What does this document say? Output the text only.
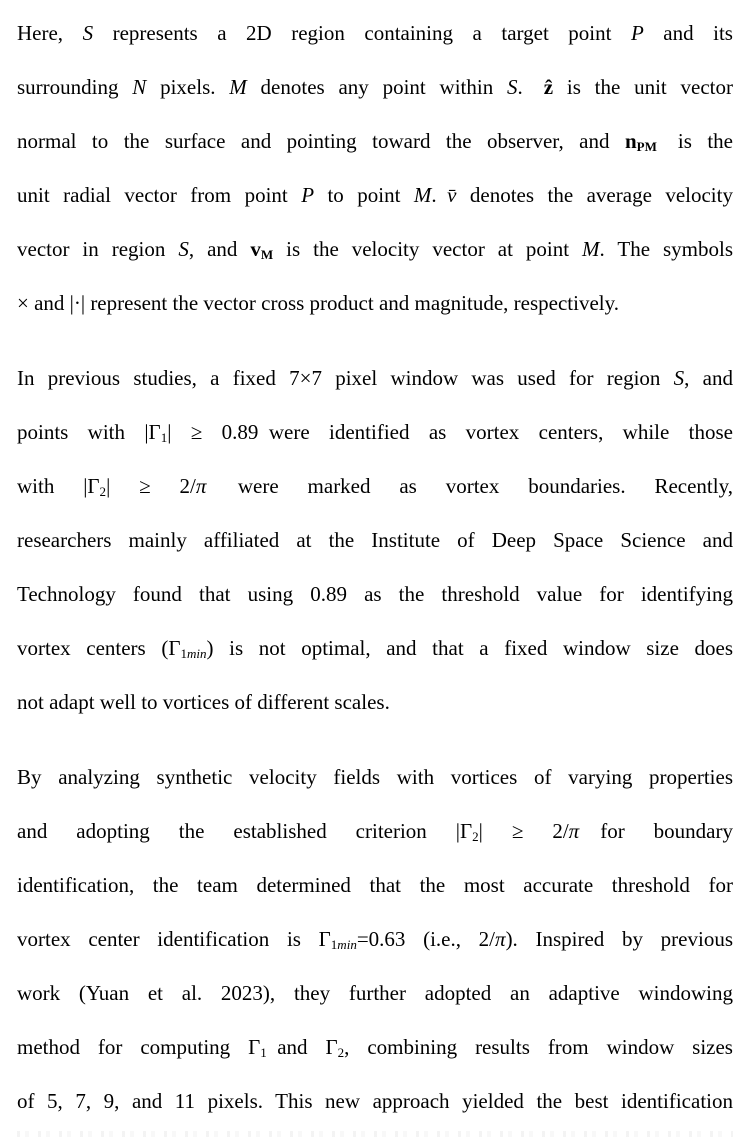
Here, S represents a 2D region containing a target point P and its
surrounding N pixels. M denotes any point within S. ẑ is the unit vector
normal to the surface and pointing toward the observer, and nPM is the
unit radial vector from point P to point M. v̄ denotes the average velocity
vector in region S, and vM is the velocity vector at point M. The symbols
× and |·| represent the vector cross product and magnitude, respectively.
In previous studies, a fixed 7×7 pixel window was used for region S, and
points with |Γ1| ≥ 0.89 were identified as vortex centers, while those
with |Γ2| ≥ 2/π  were marked as vortex boundaries. Recently,
researchers mainly affiliated at the Institute of Deep Space Science and
Technology found that using 0.89 as the threshold value for identifying
vortex centers (Γ1min) is not optimal, and that a fixed window size does
not adapt well to vortices of different scales.
By analyzing synthetic velocity fields with vortices of varying properties
and adopting the established criterion |Γ2| ≥ 2/π for boundary
identification, the team determined that the most accurate threshold for
vortex center identification is Γ1min=0.63 (i.e., 2/π). Inspired by previous
work (Yuan et al. 2023), they further adopted an adaptive windowing
method for computing Γ1 and Γ2, combining results from window sizes
of 5, 7, 9, and 11 pixels. This new approach yielded the best identification
